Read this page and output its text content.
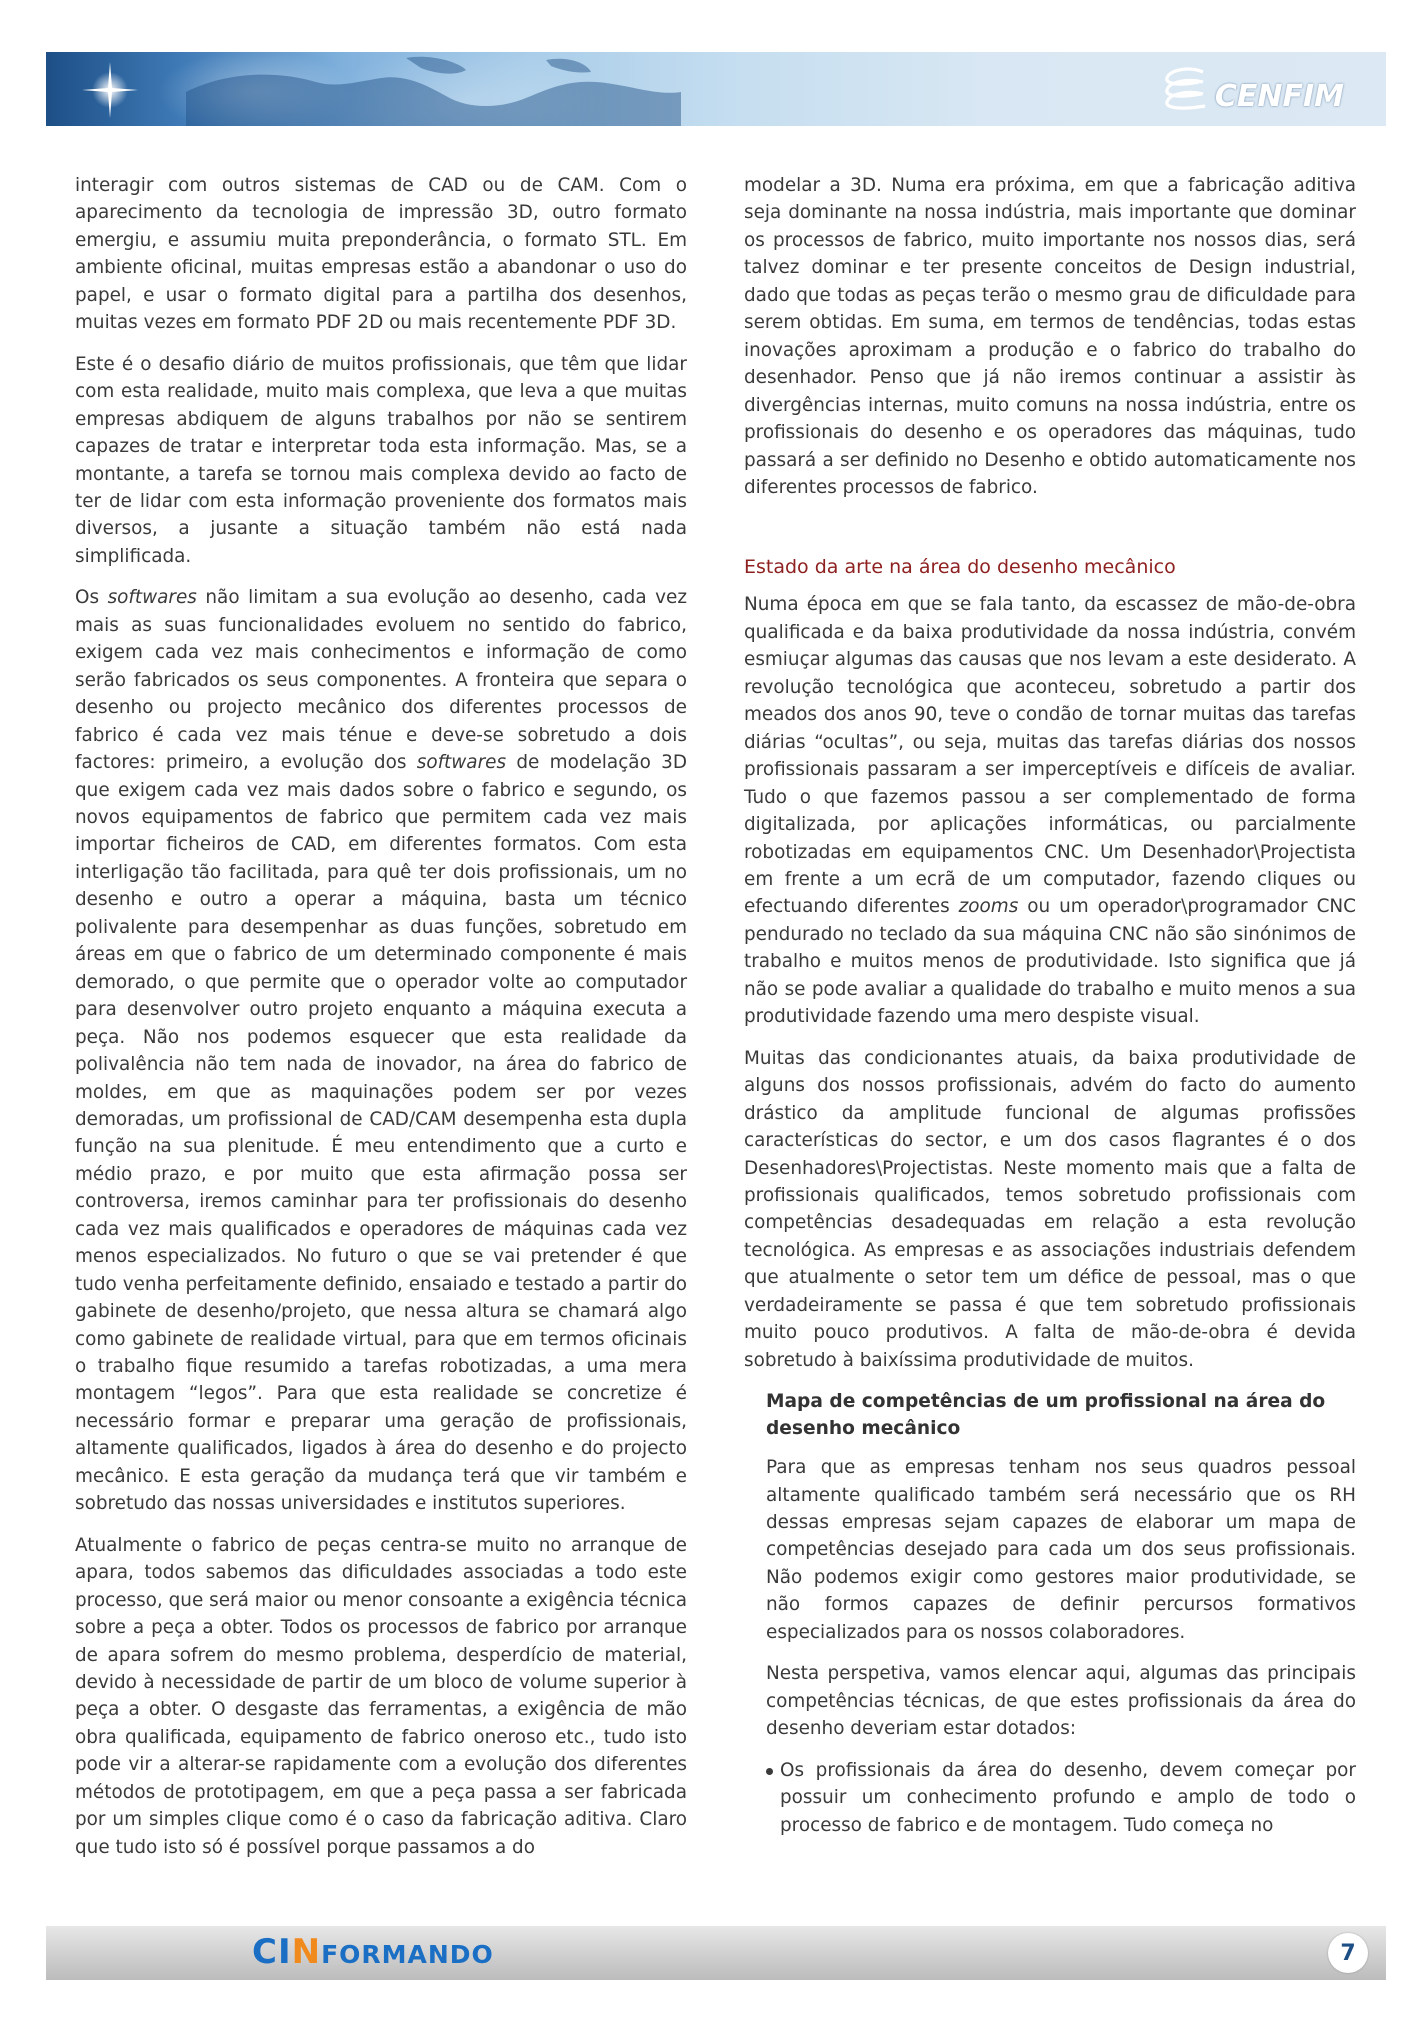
CENFIM

interagir com outros sistemas de CAD ou de CAM. Com o aparecimento da tecnologia de impressão 3D, outro formato emergiu, e assumiu muita preponderância, o formato STL. Em ambiente oficinal, muitas empresas estão a abandonar o uso do papel, e usar o formato digital para a partilha dos desenhos, muitas vezes em formato PDF 2D ou mais recentemente PDF 3D.

Este é o desafio diário de muitos profissionais, que têm que lidar com esta realidade, muito mais complexa, que leva a que muitas empresas abdiquem de alguns trabalhos por não se sentirem capazes de tratar e interpretar toda esta informação. Mas, se a montante, a tarefa se tornou mais complexa devido ao facto de ter de lidar com esta informação proveniente dos formatos mais diversos, a jusante a situação também não está nada simplificada.

Os softwares não limitam a sua evolução ao desenho, cada vez mais as suas funcionalidades evoluem no sentido do fabrico, exigem cada vez mais conhecimentos e informação de como serão fabricados os seus componentes. A fronteira que separa o desenho ou projecto mecânico dos diferentes processos de fabrico é cada vez mais ténue e deve-se sobretudo a dois factores: primeiro, a evolução dos softwares de modelação 3D que exigem cada vez mais dados sobre o fabrico e segundo, os novos equipamentos de fabrico que permitem cada vez mais importar ficheiros de CAD, em diferentes formatos. Com esta interligação tão facilitada, para quê ter dois profissionais, um no desenho e outro a operar a máquina, basta um técnico polivalente para desempenhar as duas funções, sobretudo em áreas em que o fabrico de um determinado componente é mais demorado, o que permite que o operador volte ao computador para desenvolver outro projeto enquanto a máquina executa a peça. Não nos podemos esquecer que esta realidade da polivalência não tem nada de inovador, na área do fabrico de moldes, em que as maquinações podem ser por vezes demoradas, um profissional de CAD/CAM desempenha esta dupla função na sua plenitude. É meu entendimento que a curto e médio prazo, e por muito que esta afirmação possa ser controversa, iremos caminhar para ter profissionais do desenho cada vez mais qualificados e operadores de máquinas cada vez menos especializados. No futuro o que se vai pretender é que tudo venha perfeitamente definido, ensaiado e testado a partir do gabinete de desenho/projeto, que nessa altura se chamará algo como gabinete de realidade virtual, para que em termos oficinais o trabalho fique resumido a tarefas robotizadas, a uma mera montagem “legos”. Para que esta realidade se concretize é necessário formar e preparar uma geração de profissionais, altamente qualificados, ligados à área do desenho e do projecto mecânico. E esta geração da mudança terá que vir também e sobretudo das nossas universidades e institutos superiores.

Atualmente o fabrico de peças centra-se muito no arranque de apara, todos sabemos das dificuldades associadas a todo este processo, que será maior ou menor consoante a exigência técnica sobre a peça a obter. Todos os processos de fabrico por arranque de apara sofrem do mesmo problema, desperdício de material, devido à necessidade de partir de um bloco de volume superior à peça a obter. O desgaste das ferramentas, a exigência de mão obra qualificada, equipamento de fabrico oneroso etc., tudo isto pode vir a alterar-se rapidamente com a evolução dos diferentes métodos de prototipagem, em que a peça passa a ser fabricada por um simples clique como é o caso da fabricação aditiva. Claro que tudo isto só é possível porque passamos a do

modelar a 3D. Numa era próxima, em que a fabricação aditiva seja dominante na nossa indústria, mais importante que dominar os processos de fabrico, muito importante nos nossos dias, será talvez dominar e ter presente conceitos de Design industrial, dado que todas as peças terão o mesmo grau de dificuldade para serem obtidas. Em suma, em termos de tendências, todas estas inovações aproximam a produção e o fabrico do trabalho do desenhador. Penso que já não iremos continuar a assistir às divergências internas, muito comuns na nossa indústria, entre os profissionais do desenho e os operadores das máquinas, tudo passará a ser definido no Desenho e obtido automaticamente nos diferentes processos de fabrico.

Estado da arte na área do desenho mecânico

Numa época em que se fala tanto, da escassez de mão-de-obra qualificada e da baixa produtividade da nossa indústria, convém esmiuçar algumas das causas que nos levam a este desiderato. A revolução tecnológica que aconteceu, sobretudo a partir dos meados dos anos 90, teve o condão de tornar muitas das tarefas diárias “ocultas”, ou seja, muitas das tarefas diárias dos nossos profissionais passaram a ser imperceptíveis e difíceis de avaliar. Tudo o que fazemos passou a ser complementado de forma digitalizada, por aplicações informáticas, ou parcialmente robotizadas em equipamentos CNC. Um Desenhador\Projectista em frente a um ecrã de um computador, fazendo cliques ou efectuando diferentes zooms ou um operador\programador CNC pendurado no teclado da sua máquina CNC não são sinónimos de trabalho e muitos menos de produtividade. Isto significa que já não se pode avaliar a qualidade do trabalho e muito menos a sua produtividade fazendo uma mero despiste visual.

Muitas das condicionantes atuais, da baixa produtividade de alguns dos nossos profissionais, advém do facto do aumento drástico da amplitude funcional de algumas profissões características do sector, e um dos casos flagrantes é o dos Desenhadores\Projectistas. Neste momento mais que a falta de profissionais qualificados, temos sobretudo profissionais com competências desadequadas em relação a esta revolução tecnológica. As empresas e as associações industriais defendem que atualmente o setor tem um défice de pessoal, mas o que verdadeiramente se passa é que tem sobretudo profissionais muito pouco produtivos. A falta de mão-de-obra é devida sobretudo à baixíssima produtividade de muitos.

Mapa de competências de um profissional na área do desenho mecânico

Para que as empresas tenham nos seus quadros pessoal altamente qualificado também será necessário que os RH dessas empresas sejam capazes de elaborar um mapa de competências desejado para cada um dos seus profissionais. Não podemos exigir como gestores maior produtividade, se não formos capazes de definir percursos formativos especializados para os nossos colaboradores.

Nesta perspetiva, vamos elencar aqui, algumas das principais competências técnicas, de que estes profissionais da área do desenho deveriam estar dotados:

Os profissionais da área do desenho, devem começar por possuir um conhecimento profundo e amplo de todo o processo de fabrico e de montagem. Tudo começa no

CI N FORMANDO	7
